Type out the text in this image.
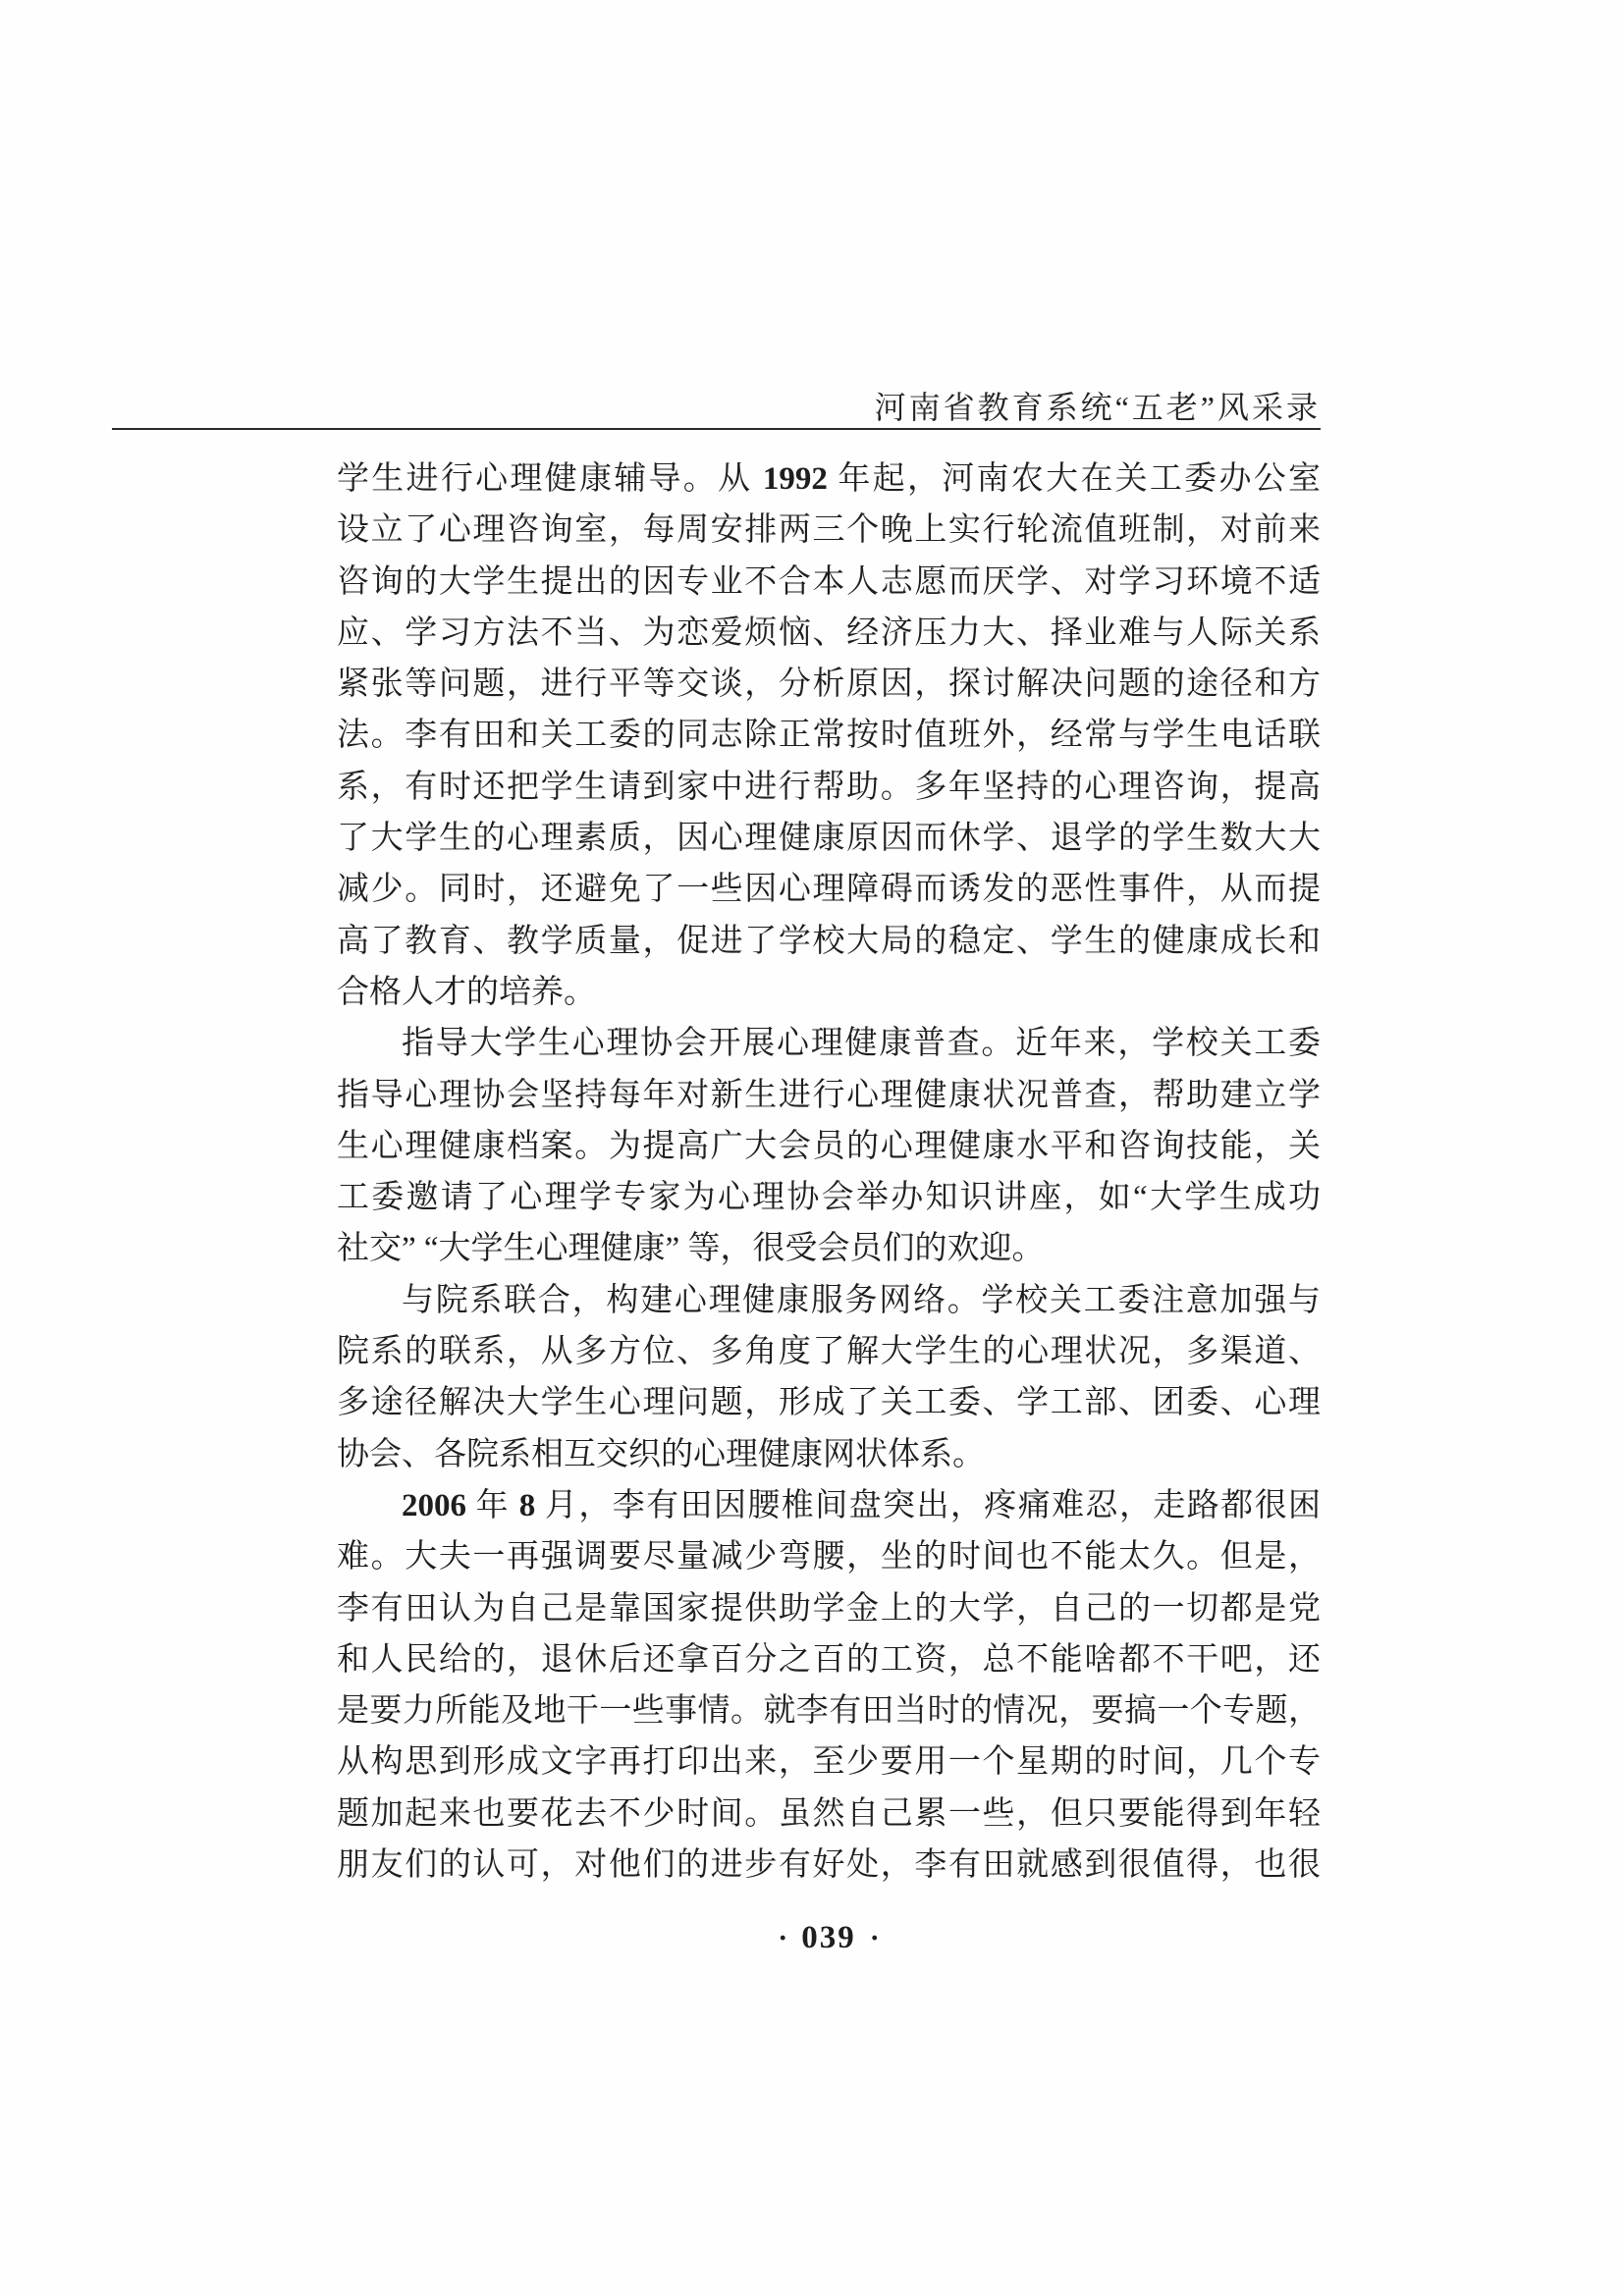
河南省教育系统“五老”风采录
学生进行心理健康辅导。从 1992 年起，河南农大在关工委办公室
设立了心理咨询室，每周安排两三个晚上实行轮流值班制，对前来
咨询的大学生提出的因专业不合本人志愿而厌学、对学习环境不适
应、学习方法不当、为恋爱烦恼、经济压力大、择业难与人际关系
紧张等问题，进行平等交谈，分析原因，探讨解决问题的途径和方
法。李有田和关工委的同志除正常按时值班外，经常与学生电话联
系，有时还把学生请到家中进行帮助。多年坚持的心理咨询，提高
了大学生的心理素质，因心理健康原因而休学、退学的学生数大大
减少。同时，还避免了一些因心理障碍而诱发的恶性事件，从而提
高了教育、教学质量，促进了学校大局的稳定、学生的健康成长和
合格人才的培养。
指导大学生心理协会开展心理健康普查。近年来，学校关工委
指导心理协会坚持每年对新生进行心理健康状况普查，帮助建立学
生心理健康档案。为提高广大会员的心理健康水平和咨询技能，关
工委邀请了心理学专家为心理协会举办知识讲座，如“大学生成功
社交” “大学生心理健康” 等，很受会员们的欢迎。
与院系联合，构建心理健康服务网络。学校关工委注意加强与
院系的联系，从多方位、多角度了解大学生的心理状况，多渠道、
多途径解决大学生心理问题，形成了关工委、学工部、团委、心理
协会、各院系相互交织的心理健康网状体系。
2006 年 8 月，李有田因腰椎间盘突出，疼痛难忍，走路都很困
难。大夫一再强调要尽量减少弯腰，坐的时间也不能太久。但是，
李有田认为自己是靠国家提供助学金上的大学，自己的一切都是党
和人民给的，退休后还拿百分之百的工资，总不能啥都不干吧，还
是要力所能及地干一些事情。就李有田当时的情况，要搞一个专题，
从构思到形成文字再打印出来，至少要用一个星期的时间，几个专
题加起来也要花去不少时间。虽然自己累一些，但只要能得到年轻
朋友们的认可，对他们的进步有好处，李有田就感到很值得，也很
· 039 ·
